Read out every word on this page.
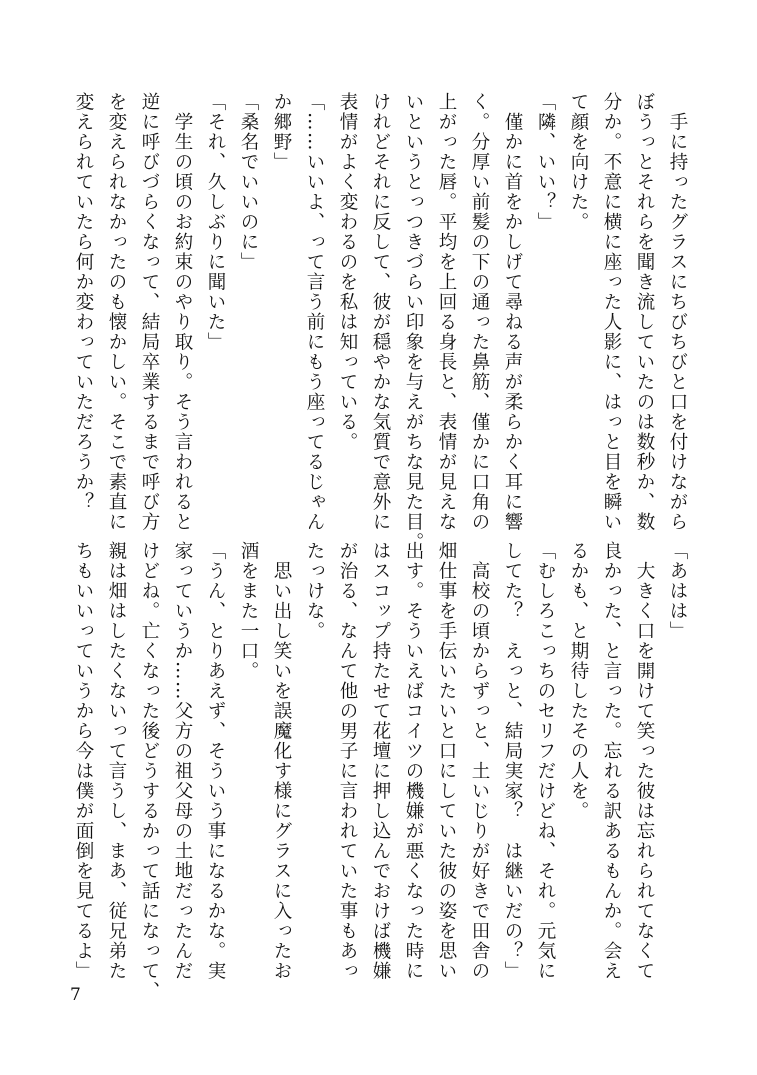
　手に持ったグラスにちびちびと口を付けながら

ぼうっとそれらを聞き流していたのは数秒か、数

分か。不意に横に座った人影に、はっと目を瞬い

て顔を向けた。

「隣、いい？」

　僅かに首をかしげて尋ねる声が柔らかく耳に響

く。分厚い前髪の下の通った鼻筋、僅かに口角の

上がった唇。平均を上回る身長と、表情が見えな

いというとっつきづらい印象を与えがちな見た目。

けれどそれに反して、彼が穏やかな気質で意外に

表情がよく変わるのを私は知っている。

「……いいよ、って言う前にもう座ってるじゃん

か郷野」

「桑名でいいのに」

「それ、久しぶりに聞いた」

　学生の頃のお約束のやり取り。そう言われると

逆に呼びづらくなって、結局卒業するまで呼び方

を変えられなかったのも懐かしい。そこで素直に

変えられていたら何か変わっていただろうか？

「あはは」

　大きく口を開けて笑った彼は忘れられてなくて

良かった、と言った。忘れる訳あるもんか。会え

るかも、と期待したその人を。

「むしろこっちのセリフだけどね、それ。元気に

してた？　えっと、結局実家？　は継いだの？」

　高校の頃からずっと、土いじりが好きで田舎の

畑仕事を手伝いたいと口にしていた彼の姿を思い

出す。そういえばコイツの機嫌が悪くなった時に

はスコップ持たせて花壇に押し込んでおけば機嫌

が治る、なんて他の男子に言われていた事もあっ

たっけな。

　思い出し笑いを誤魔化す様にグラスに入ったお

酒をまた一口。

「うん、とりあえず、そういう事になるかな。実

家っていうか……父方の祖父母の土地だったんだ

けどね。亡くなった後どうするかって話になって、

親は畑はしたくないって言うし、まあ、従兄弟た

ちもいいっていうから今は僕が面倒を見てるよ」

7
